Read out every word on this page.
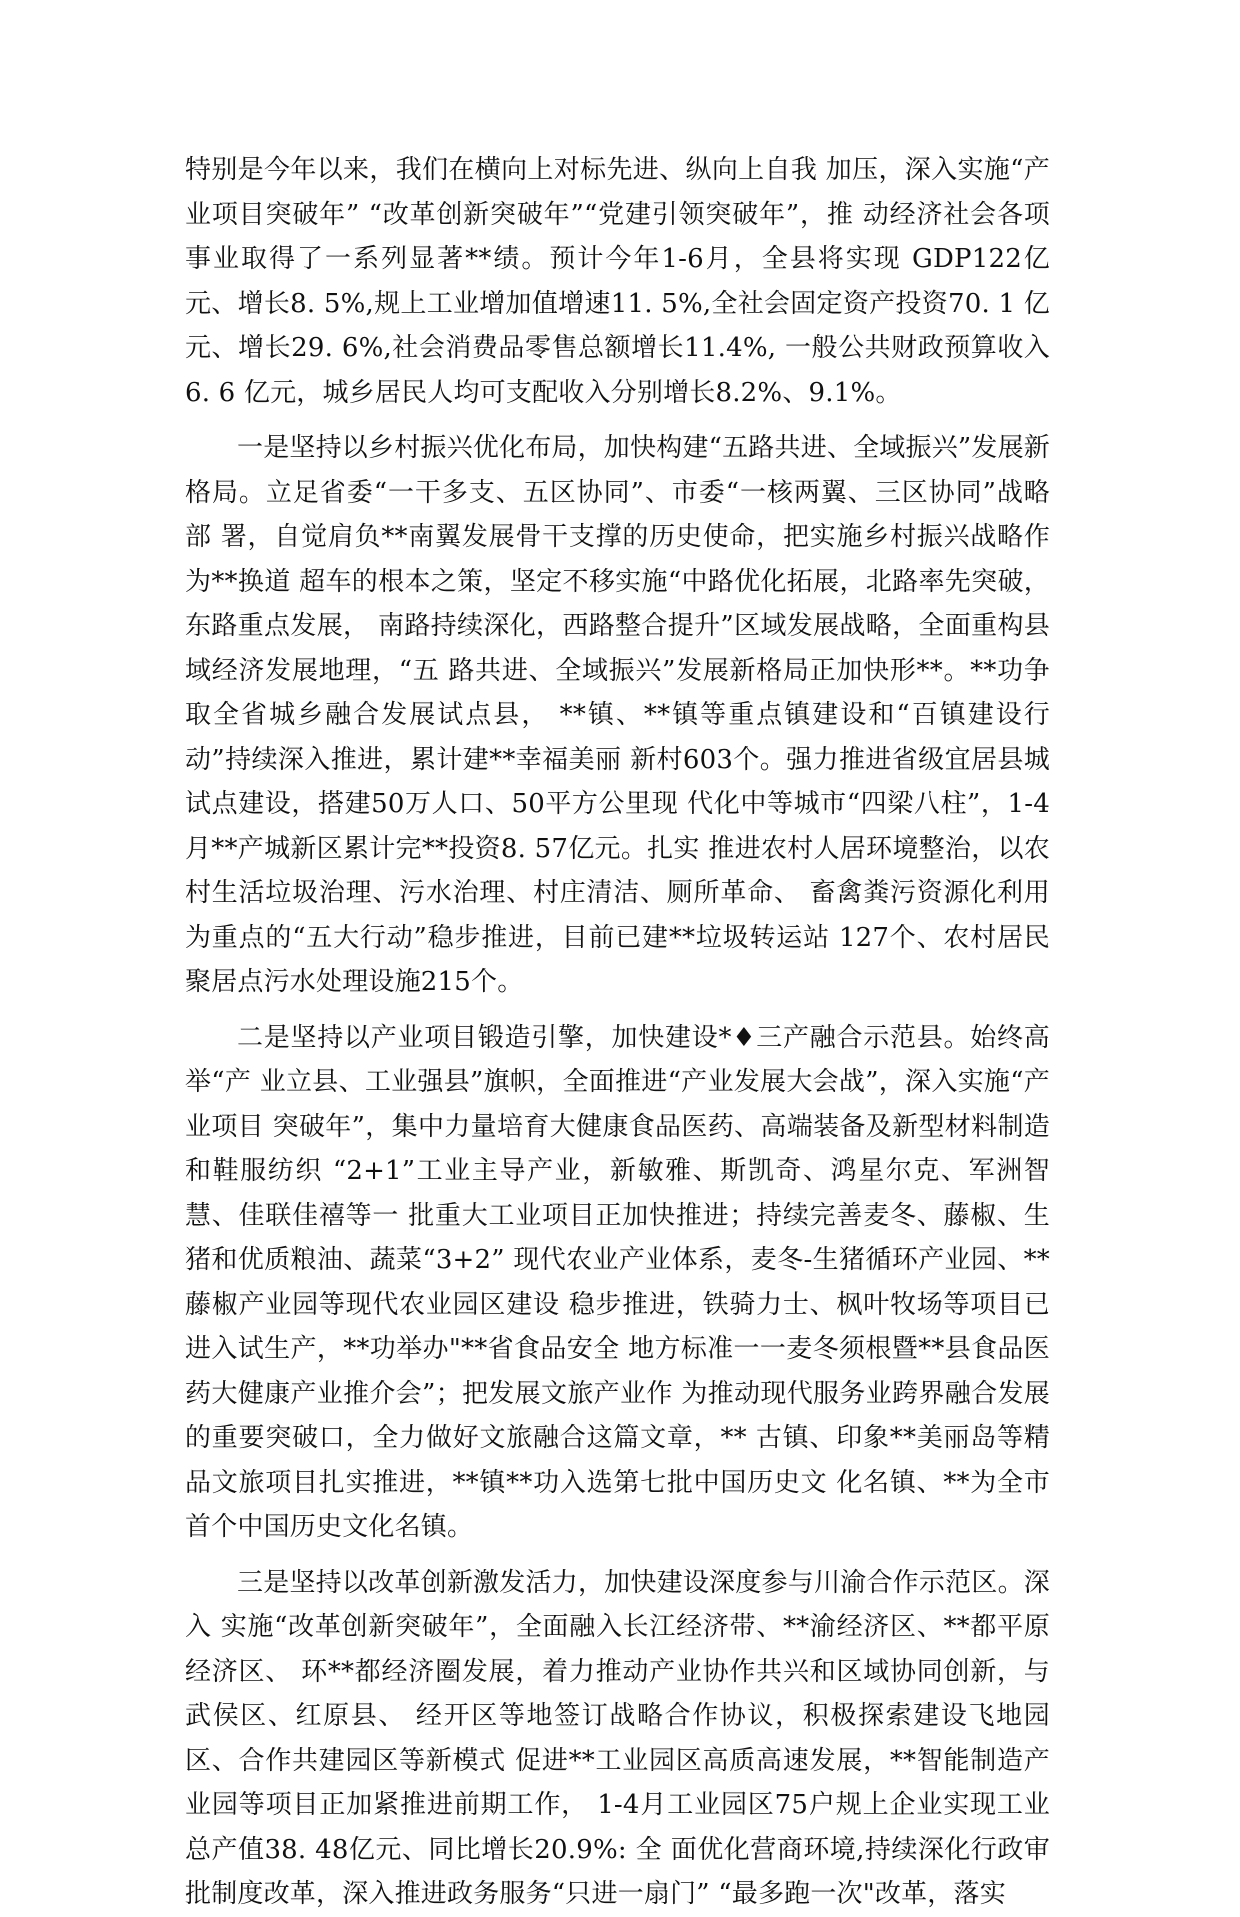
特别是今年以来，我们在横向上对标先进、纵向上自我 加压，深入实施“产业项目突破年” “改革创新突破年”“党建引领突破年”，推 动经济社会各项事业取得了一系列显著**绩。预计今年1-6月，全县将实现 GDP122亿元、增长8. 5%,规上工业增加值增速11. 5%,全社会固定资产投资70. 1 亿元、增长29. 6%,社会消费品零售总额增长11.4%, 一般公共财政预算收入6. 6 亿元，城乡居民人均可支配收入分别增长8.2%、9.1%。

一是坚持以乡村振兴优化布局，加快构建“五路共进、全域振兴”发展新 格局。立足省委“一干多支、五区协同”、市委“一核两翼、三区协同”战略部 署，自觉肩负**南翼发展骨干支撑的历史使命，把实施乡村振兴战略作为**换道 超车的根本之策，坚定不移实施“中路优化拓展，北路率先突破，东路重点发展， 南路持续深化，西路整合提升”区域发展战略，全面重构县域经济发展地理，“五 路共进、全域振兴”发展新格局正加快形**。**功争取全省城乡融合发展试点县， **镇、**镇等重点镇建设和“百镇建设行动”持续深入推进，累计建**幸福美丽 新村603个。强力推进省级宜居县城试点建设，搭建50万人口、50平方公里现 代化中等城市“四梁八柱”，1-4月**产城新区累计完**投资8. 57亿元。扎实 推进农村人居环境整治，以农村生活垃圾治理、污水治理、村庄清洁、厕所革命、 畜禽粪污资源化利用为重点的“五大行动”稳步推进，目前已建**垃圾转运站 127个、农村居民聚居点污水处理设施215个。

二是坚持以产业项目锻造引擎，加快建设*♦三产融合示范县。始终高举“产 业立县、工业强县”旗帜，全面推进“产业发展大会战”，深入实施“产业项目 突破年”，集中力量培育大健康食品医药、高端装备及新型材料制造和鞋服纺织 “2+1”工业主导产业，新敏雅、斯凯奇、鸿星尔克、军洲智慧、佳联佳禧等一 批重大工业项目正加快推进；持续完善麦冬、藤椒、生猪和优质粮油、蔬菜“3+2” 现代农业产业体系，麦冬-生猪循环产业园、**藤椒产业园等现代农业园区建设 稳步推进，铁骑力士、枫叶牧场等项目已进入试生产，**功举办"**省食品安全 地方标准一一麦冬须根暨**县食品医药大健康产业推介会”；把发展文旅产业作 为推动现代服务业跨界融合发展的重要突破口，全力做好文旅融合这篇文章，** 古镇、印象**美丽岛等精品文旅项目扎实推进，**镇**功入选第七批中国历史文 化名镇、**为全市首个中国历史文化名镇。

三是坚持以改革创新激发活力，加快建设深度参与川渝合作示范区。深入 实施“改革创新突破年”，全面融入长江经济带、**渝经济区、**都平原经济区、 环**都经济圈发展，着力推动产业协作共兴和区域协同创新，与武侯区、红原县、 经开区等地签订战略合作协议，积极探索建设飞地园区、合作共建园区等新模式 促进**工业园区高质高速发展，**智能制造产业园等项目正加紧推进前期工作， 1-4月工业园区75户规上企业实现工业总产值38. 48亿元、同比增长20.9%: 全 面优化营商环境,持续深化行政审批制度改革，深入推进政务服务“只进一扇门” “最多跑一次"改革，落实
